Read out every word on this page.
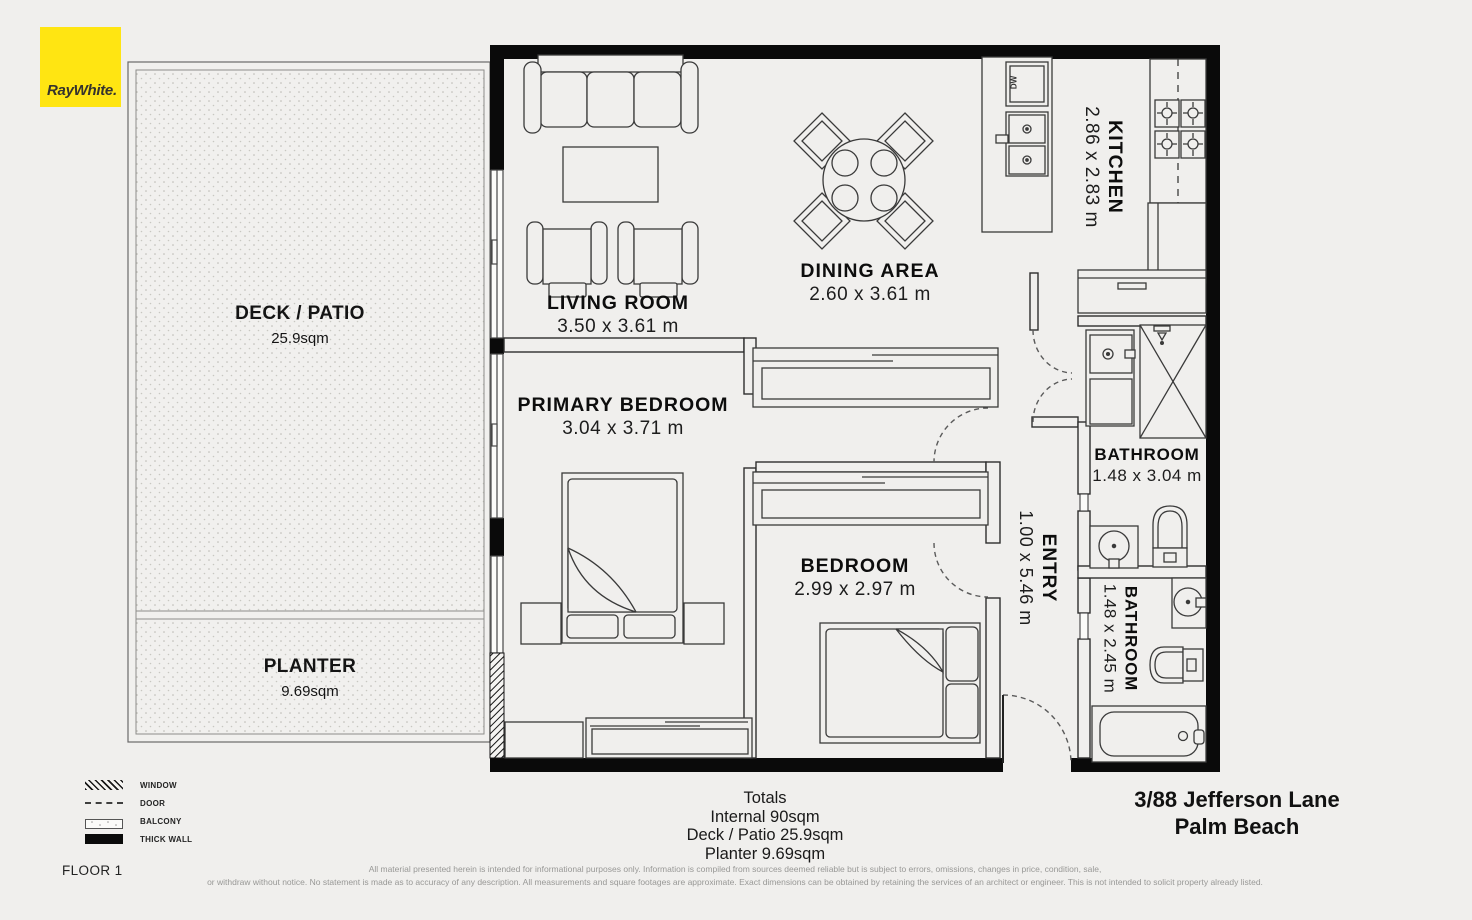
RayWhite.
LIVING ROOM
3.50 x 3.61 m
DINING AREA
2.60 x 3.61 m
KITCHEN
2.86 x 2.83 m
PRIMARY BEDROOM
3.04 x 3.71 m
BEDROOM
2.99 x 2.97 m	ENTRY
1.00 x 5.46 m
BATHROOM
1.48 x 3.04 m
BATHROOM
1.48 x 2.45 m
DW
DECK / PATIO
25.9sqm
PLANTER
9.69sqm
Totals
Internal 90sqm
Deck / Patio 25.9sqm
Planter 9.69sqm
3/88 Jefferson Lane
Palm Beach
WINDOW
DOOR
BALCONY
THICK WALL
FLOOR 1	All material presented herein is intended for informational purposes only. Information is compiled from sources deemed reliable but is subject to errors, omissions, changes in price, condition, sale,
or withdraw without notice. No statement is made as to accuracy of any description. All measurements and square footages are approximate. Exact dimensions can be obtained by retaining the services of an architect or engineer. This is not intended to solicit property already listed.
